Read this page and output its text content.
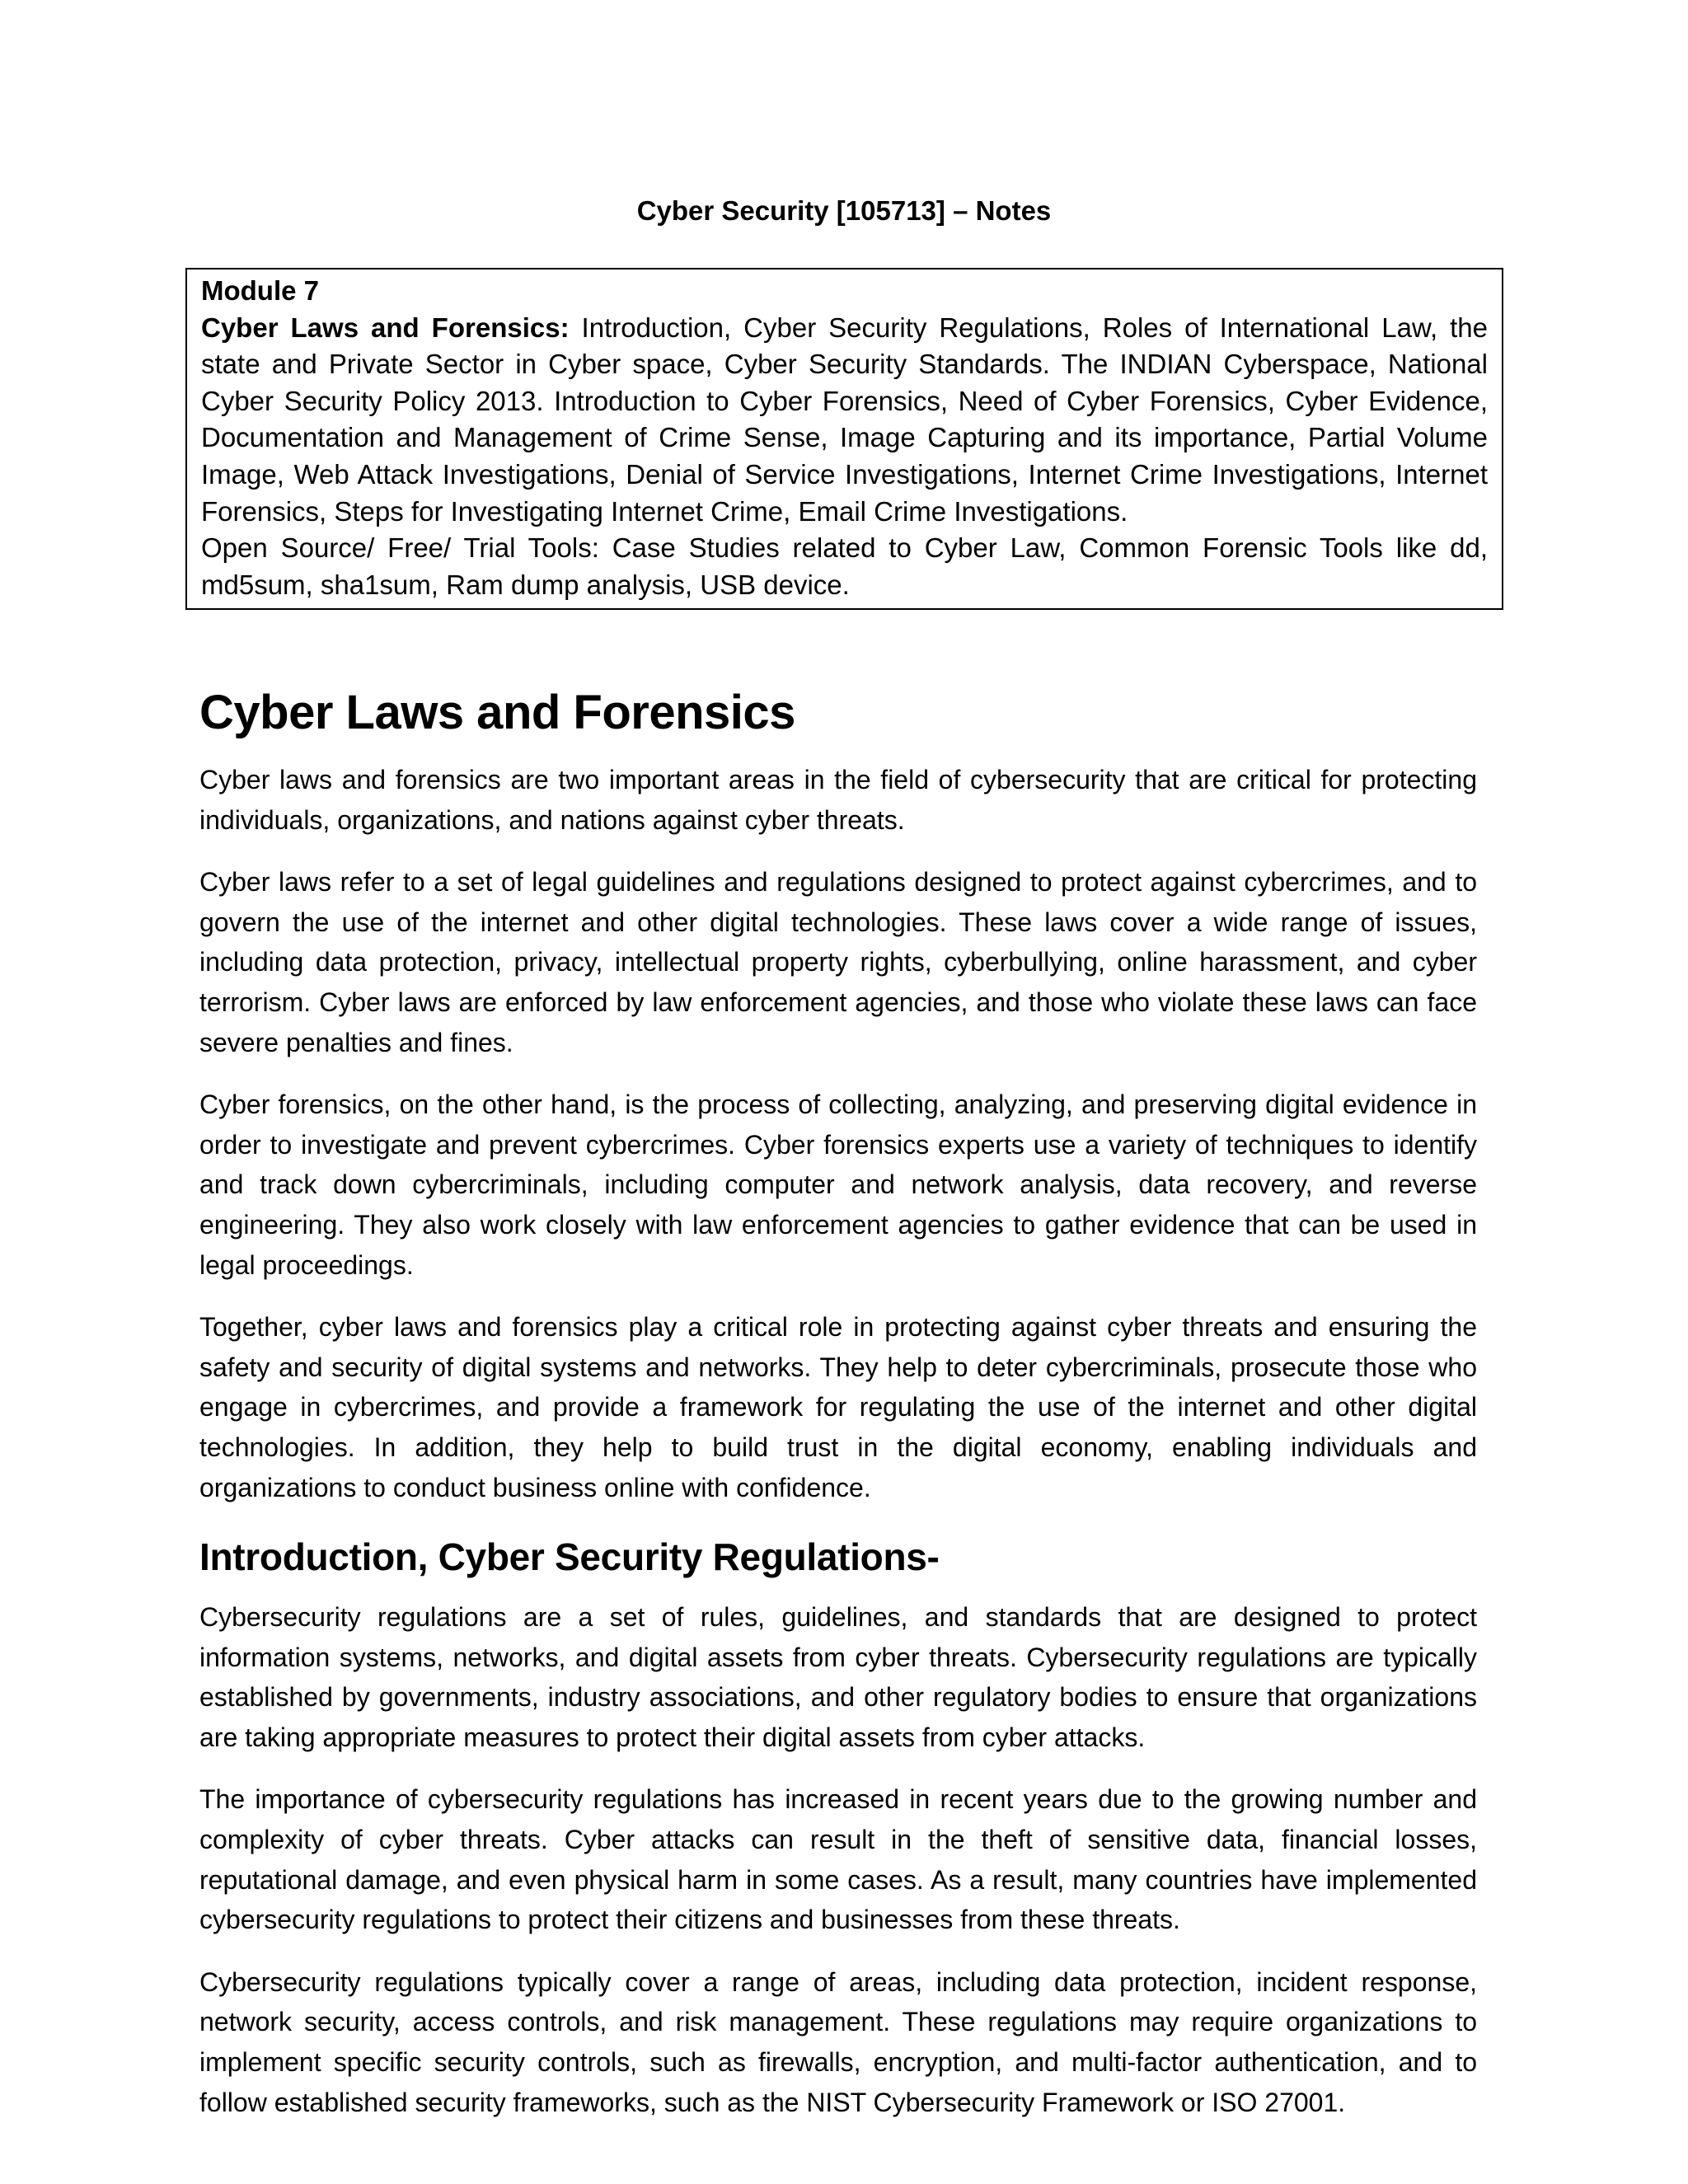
Cyber Security [105713] – Notes

Module 7

Cyber Laws and Forensics: Introduction, Cyber Security Regulations, Roles of International Law, the state and Private Sector in Cyber space, Cyber Security Standards. The INDIAN Cyberspace, National Cyber Security Policy 2013. Introduction to Cyber Forensics, Need of Cyber Forensics, Cyber Evidence, Documentation and Management of Crime Sense, Image Capturing and its importance, Partial Volume Image, Web Attack Investigations, Denial of Service Investigations, Internet Crime Investigations, Internet Forensics, Steps for Investigating Internet Crime, Email Crime Investigations.

Open Source/ Free/ Trial Tools: Case Studies related to Cyber Law, Common Forensic Tools like dd, md5sum, sha1sum, Ram dump analysis, USB device.

Cyber Laws and Forensics

Cyber laws and forensics are two important areas in the field of cybersecurity that are critical for protecting individuals, organizations, and nations against cyber threats.

Cyber laws refer to a set of legal guidelines and regulations designed to protect against cybercrimes, and to govern the use of the internet and other digital technologies. These laws cover a wide range of issues, including data protection, privacy, intellectual property rights, cyberbullying, online harassment, and cyber terrorism. Cyber laws are enforced by law enforcement agencies, and those who violate these laws can face severe penalties and fines.

Cyber forensics, on the other hand, is the process of collecting, analyzing, and preserving digital evidence in order to investigate and prevent cybercrimes. Cyber forensics experts use a variety of techniques to identify and track down cybercriminals, including computer and network analysis, data recovery, and reverse engineering. They also work closely with law enforcement agencies to gather evidence that can be used in legal proceedings.

Together, cyber laws and forensics play a critical role in protecting against cyber threats and ensuring the safety and security of digital systems and networks. They help to deter cybercriminals, prosecute those who engage in cybercrimes, and provide a framework for regulating the use of the internet and other digital technologies. In addition, they help to build trust in the digital economy, enabling individuals and organizations to conduct business online with confidence.

Introduction, Cyber Security Regulations-

Cybersecurity regulations are a set of rules, guidelines, and standards that are designed to protect information systems, networks, and digital assets from cyber threats. Cybersecurity regulations are typically established by governments, industry associations, and other regulatory bodies to ensure that organizations are taking appropriate measures to protect their digital assets from cyber attacks.

The importance of cybersecurity regulations has increased in recent years due to the growing number and complexity of cyber threats. Cyber attacks can result in the theft of sensitive data, financial losses, reputational damage, and even physical harm in some cases. As a result, many countries have implemented cybersecurity regulations to protect their citizens and businesses from these threats.

Cybersecurity regulations typically cover a range of areas, including data protection, incident response, network security, access controls, and risk management. These regulations may require organizations to implement specific security controls, such as firewalls, encryption, and multi-factor authentication, and to follow established security frameworks, such as the NIST Cybersecurity Framework or ISO 27001.
